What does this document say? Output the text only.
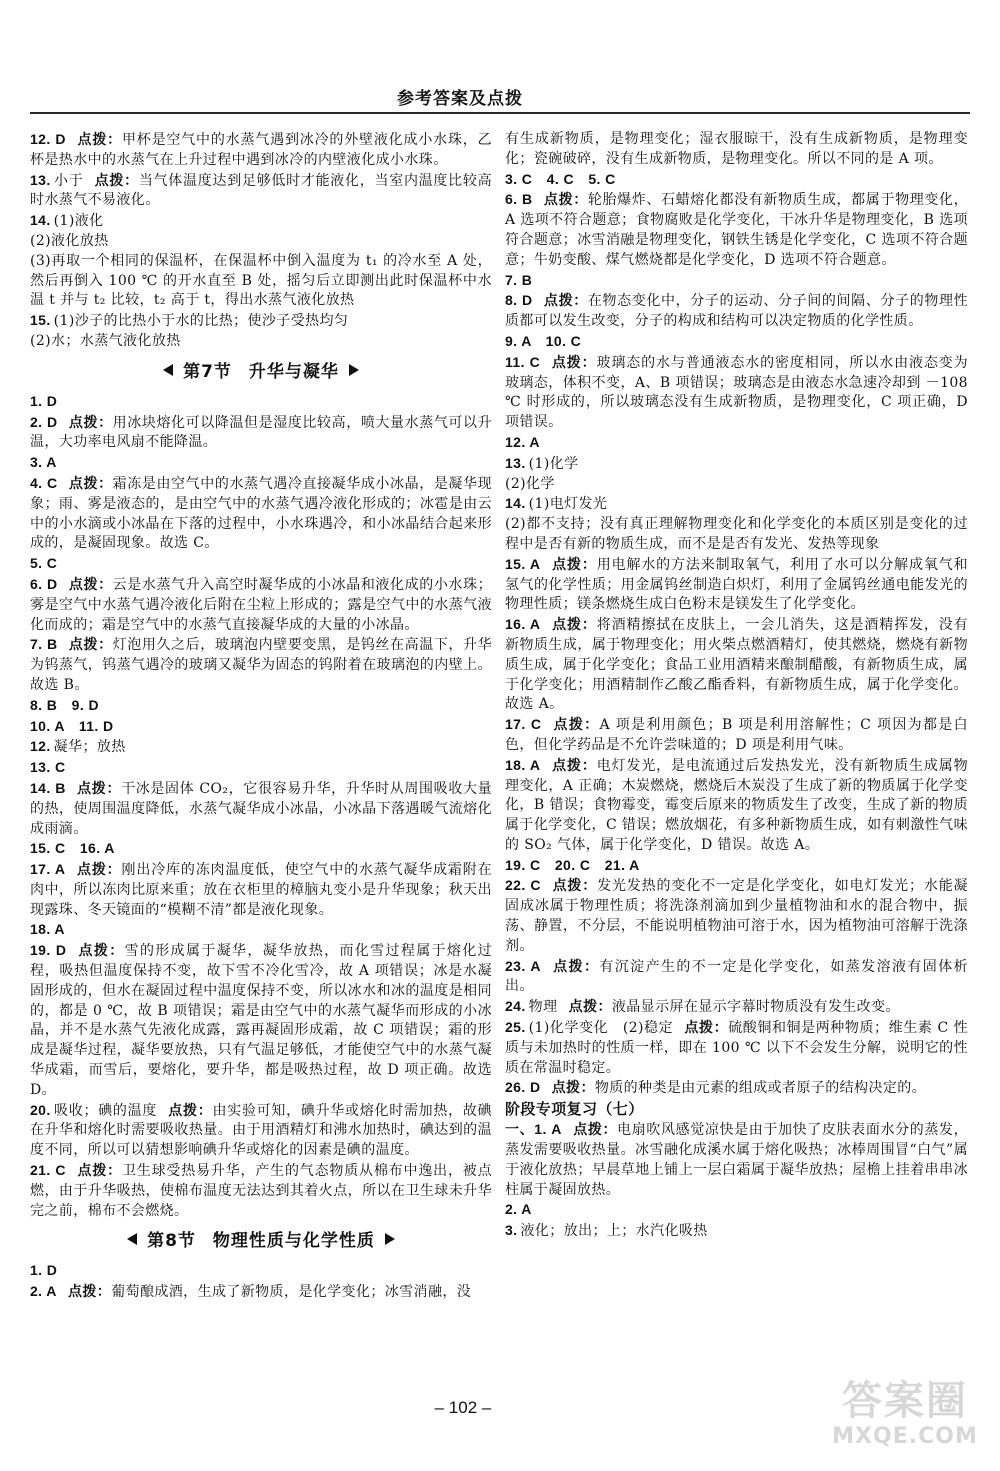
参考答案及点拨
12. D 点拨：甲杯是空气中的水蒸气遇到冰冷的外壁液化成小水珠，乙杯是热水中的水蒸气在上升过程中遇到冰冷的内壁液化成小水珠。
13. 小于 点拨：当气体温度达到足够低时才能液化，当室内温度比较高时水蒸气不易液化。
14. (1)液化
(2)液化放热
(3)再取一个相同的保温杯，在保温杯中倒入温度为 t₁ 的冷水至 A 处，然后再倒入 100 ℃ 的开水直至 B 处，摇匀后立即测出此时保温杯中水温 t 并与 t₂ 比较，t₂ 高于 t，得出水蒸气液化放热
15. (1)沙子的比热小于水的比热；使沙子受热均匀
(2)水；水蒸气液化放热
第7节 升华与凝华
1. D
2. D 点拨：用冰块熔化可以降温但是湿度比较高，喷大量水蒸气可以升温，大功率电风扇不能降温。
3. A
4. C 点拨：霜冻是由空气中的水蒸气遇冷直接凝华成小冰晶，是凝华现象；雨、雾是液态的，是由空气中的水蒸气遇冷液化形成的；冰雹是由云中的小水滴或小冰晶在下落的过程中，小水珠遇冷，和小冰晶结合起来形成的，是凝固现象。故选 C。
5. C
6. D 点拨：云是水蒸气升入高空时凝华成的小冰晶和液化成的小水珠；雾是空气中水蒸气遇冷液化后附在尘粒上形成的；露是空气中的水蒸气液化而成的；霜是空气中的水蒸气直接凝华成的大量的小冰晶。
7. B 点拨：灯泡用久之后，玻璃泡内壁要变黑，是钨丝在高温下，升华为钨蒸气，钨蒸气遇冷的玻璃又凝华为固态的钨附着在玻璃泡的内壁上。故选 B。
8. B　9. D
10. A　11. D
12. 凝华；放热
13. C
14. B 点拨：干冰是固体 CO₂，它很容易升华，升华时从周围吸收大量的热，使周围温度降低，水蒸气凝华成小冰晶，小冰晶下落遇暖气流熔化成雨滴。
15. C　16. A
17. A 点拨：刚出冷库的冻肉温度低，使空气中的水蒸气凝华成霜附在肉中，所以冻肉比原来重；放在衣柜里的樟脑丸变小是升华现象；秋天出现露珠、冬天镜面的“模糊不清”都是液化现象。
18. A
19. D 点拨：雪的形成属于凝华，凝华放热，而化雪过程属于熔化过程，吸热但温度保持不变，故下雪不冷化雪冷，故 A 项错误；冰是水凝固形成的，但水在凝固过程中温度保持不变，所以冰水和冰的温度是相同的，都是 0 ℃，故 B 项错误；霜是由空气中的水蒸气凝华而形成的小冰晶，并不是水蒸气先液化成露，露再凝固形成霜，故 C 项错误；霜的形成是凝华过程，凝华要放热，只有气温足够低，才能使空气中的水蒸气凝华成霜，而雪后，要熔化，要升华，都是吸热过程，故 D 项正确。故选 D。
20. 吸收；碘的温度 点拨：由实验可知，碘升华或熔化时需加热，故碘在升华和熔化时需要吸收热量。由于用酒精灯和沸水加热时，碘达到的温度不同，所以可以猜想影响碘升华或熔化的因素是碘的温度。
21. C 点拨：卫生球受热易升华，产生的气态物质从棉布中逸出，被点燃，由于升华吸热，使棉布温度无法达到其着火点，所以在卫生球未升华完之前，棉布不会燃烧。
第8节 物理性质与化学性质
1. D
2. A 点拨：葡萄酿成酒，生成了新物质，是化学变化；冰雪消融，没
有生成新物质，是物理变化；湿衣服晾干，没有生成新物质，是物理变化；瓷碗破碎，没有生成新物质，是物理变化。所以不同的是 A 项。
3. C　4. C　5. C
6. B 点拨：轮胎爆炸、石蜡熔化都没有新物质生成，都属于物理变化，A 选项不符合题意；食物腐败是化学变化，干冰升华是物理变化，B 选项符合题意；冰雪消融是物理变化，钢铁生锈是化学变化，C 选项不符合题意；牛奶变酸、煤气燃烧都是化学变化，D 选项不符合题意。
7. B
8. D 点拨：在物态变化中，分子的运动、分子间的间隔、分子的物理性质都可以发生改变，分子的构成和结构可以决定物质的化学性质。
9. A　10. C
11. C 点拨：玻璃态的水与普通液态水的密度相同，所以水由液态变为玻璃态，体积不变，A、B 项错误；玻璃态是由液态水急速冷却到 －108 ℃ 时形成的，所以玻璃态没有生成新物质，是物理变化，C 项正确，D 项错误。
12. A
13. (1)化学
(2)化学
14. (1)电灯发光
(2)都不支持；没有真正理解物理变化和化学变化的本质区别是变化的过程中是否有新的物质生成，而不是是否有发光、发热等现象
15. A 点拨：用电解水的方法来制取氧气，利用了水可以分解成氧气和氢气的化学性质；用金属钨丝制造白炽灯，利用了金属钨丝通电能发光的物理性质；镁条燃烧生成白色粉末是镁发生了化学变化。
16. A 点拨：将酒精擦拭在皮肤上，一会儿消失，这是酒精挥发，没有新物质生成，属于物理变化；用火柴点燃酒精灯，使其燃烧，燃烧有新物质生成，属于化学变化；食品工业用酒精来酿制醋酸，有新物质生成，属于化学变化；用酒精制作乙酸乙酯香料，有新物质生成，属于化学变化。故选 A。
17. C 点拨：A 项是利用颜色；B 项是利用溶解性；C 项因为都是白色，但化学药品是不允许尝味道的；D 项是利用气味。
18. A 点拨：电灯发光，是电流通过后发热发光，没有新物质生成属物理变化，A 正确；木炭燃烧，燃烧后木炭没了生成了新的物质属于化学变化，B 错误；食物霉变，霉变后原来的物质发生了改变，生成了新的物质属于化学变化，C 错误；燃放烟花，有多种新物质生成，如有刺激性气味的 SO₂ 气体，属于化学变化，D 错误。故选 A。
19. C　20. C　21. A
22. C 点拨：发光发热的变化不一定是化学变化，如电灯发光；水能凝固成冰属于物理性质；将洗涤剂滴加到少量植物油和水的混合物中，振荡、静置，不分层，不能说明植物油可溶于水，因为植物油可溶解于洗涤剂。
23. A 点拨：有沉淀产生的不一定是化学变化，如蒸发溶液有固体析出。
24. 物理 点拨：液晶显示屏在显示字幕时物质没有发生改变。
25. (1)化学变化　(2)稳定 点拨：硫酸铜和铜是两种物质；维生素 C 性质与未加热时的性质一样，即在 100 ℃ 以下不会发生分解，说明它的性质在常温时稳定。
26. D 点拨：物质的种类是由元素的组成或者原子的结构决定的。
阶段专项复习（七）
一、1. A 点拨：电扇吹风感觉凉快是由于加快了皮肤表面水分的蒸发，蒸发需要吸收热量。冰雪融化成溪水属于熔化吸热；冰棒周围冒“白气”属于液化放热；早晨草地上铺上一层白霜属于凝华放热；屋檐上挂着串串冰柱属于凝固放热。
2. A
3. 液化；放出；上；水汽化吸热
– 102 –	答案圈
MXQE.COM
